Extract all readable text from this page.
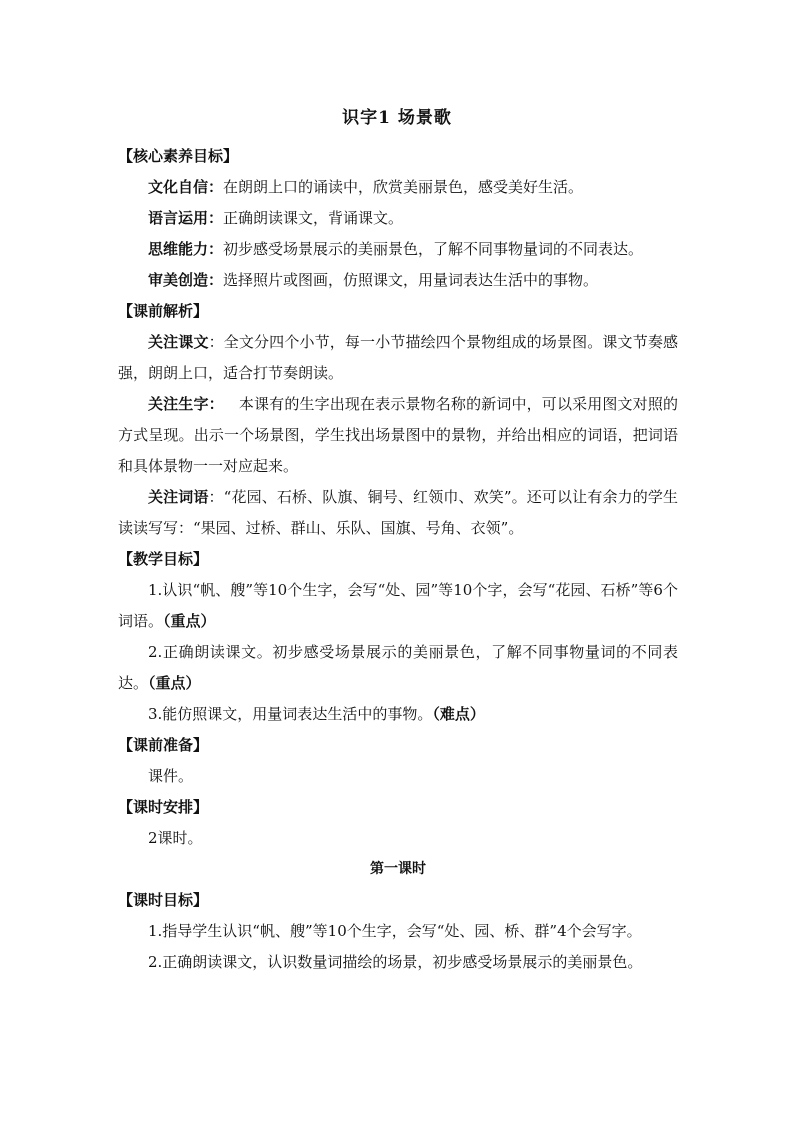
识字1 场景歌

【核心素养目标】

文化自信：在朗朗上口的诵读中，欣赏美丽景色，感受美好生活。

语言运用：正确朗读课文，背诵课文。

思维能力：初步感受场景展示的美丽景色，了解不同事物量词的不同表达。

审美创造：选择照片或图画，仿照课文，用量词表达生活中的事物。

【课前解析】

关注课文：全文分四个小节，每一小节描绘四个景物组成的场景图。课文节奏感强，朗朗上口，适合打节奏朗读。

关注生字：  本课有的生字出现在表示景物名称的新词中，可以采用图文对照的方式呈现。出示一个场景图，学生找出场景图中的景物，并给出相应的词语，把词语和具体景物一一对应起来。

关注词语：“花园、石桥、队旗、铜号、红领巾、欢笑”。还可以让有余力的学生读读写写：“果园、过桥、群山、乐队、国旗、号角、衣领”。

【教学目标】

1.认识“帆、艘”等10个生字，会写“处、园”等10个字，会写“花园、石桥”等6个词语。（重点）

2.正确朗读课文。初步感受场景展示的美丽景色，了解不同事物量词的不同表达。（重点）

3.能仿照课文，用量词表达生活中的事物。（难点）

【课前准备】

课件。

【课时安排】

2课时。

第一课时

【课时目标】

1.指导学生认识“帆、艘”等10个生字，会写“处、园、桥、群”4个会写字。

2.正确朗读课文，认识数量词描绘的场景，初步感受场景展示的美丽景色。
